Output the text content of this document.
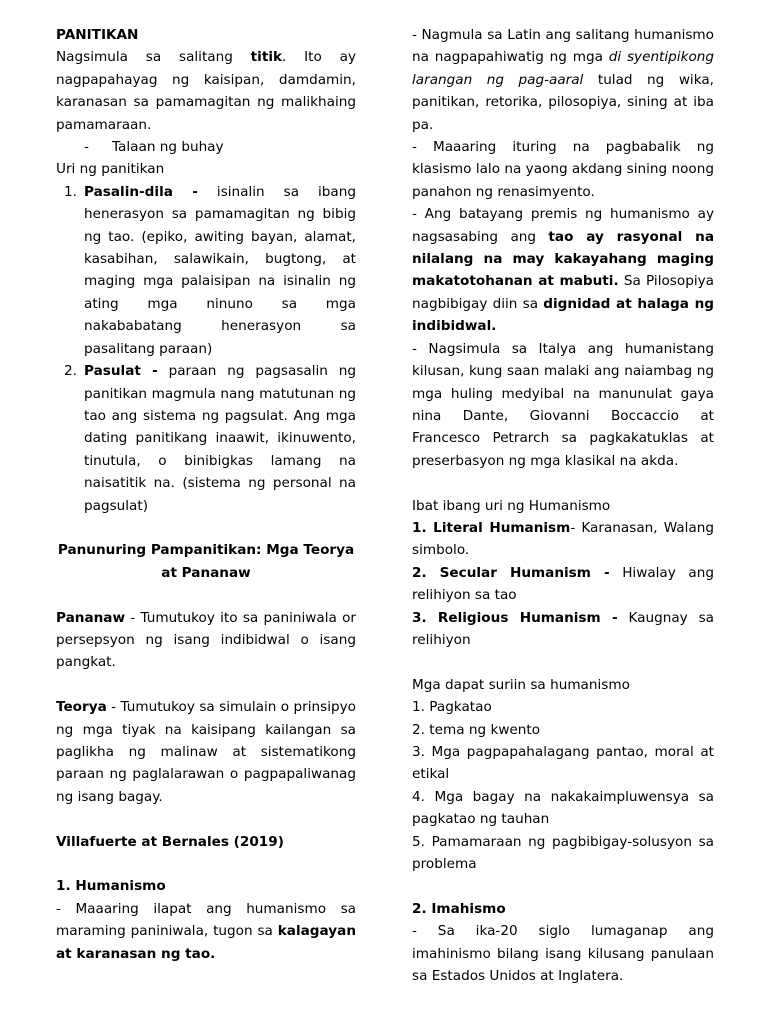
PANITIKAN

Nagsimula sa salitang titik. Ito ay nagpapahayag ng kaisipan, damdamin, karanasan sa pamamagitan ng malikhaing pamamaraan.

- Talaan ng buhay

Uri ng panitikan

1. Pasalin-dila - isinalin sa ibang henerasyon sa pamamagitan ng bibig ng tao. (epiko, awiting bayan, alamat, kasabihan, salawikain, bugtong, at maging mga palaisipan na isinalin ng ating mga ninuno sa mga nakababatang henerasyon sa pasalitang paraan)
2. Pasulat - paraan ng pagsasalin ng panitikan magmula nang matutunan ng tao ang sistema ng pagsulat. Ang mga dating panitikang inaawit, ikinuwento, tinutula, o binibigkas lamang na naisatitik na. (sistema ng personal na pagsulat)

Panunuring Pampanitikan: Mga Teorya at Pananaw

Pananaw - Tumutukoy ito sa paniniwala or persepsyon ng isang indibidwal o isang pangkat.

Teorya - Tumutukoy sa simulain o prinsipyo ng mga tiyak na kaisipang kailangan sa paglikha ng malinaw at sistematikong paraan ng paglalarawan o pagpapaliwanag ng isang bagay.

Villafuerte at Bernales (2019)

1. Humanismo

- Maaaring ilapat ang humanismo sa maraming paniniwala, tugon sa kalagayan at karanasan ng tao.

- Nagmula sa Latin ang salitang humanismo na nagpapahiwatig ng mga di syentipikong larangan ng pag-aaral tulad ng wika, panitikan, retorika, pilosopiya, sining at iba pa.

- Maaaring ituring na pagbabalik ng klasismo lalo na yaong akdang sining noong panahon ng renasimyento.

- Ang batayang premis ng humanismo ay nagsasabing ang tao ay rasyonal na nilalang na may kakayahang maging makatotohanan at mabuti. Sa Pilosopiya nagbibigay diin sa dignidad at halaga ng indibidwal.

- Nagsimula sa Italya ang humanistang kilusan, kung saan malaki ang naiambag ng mga huling medyibal na manunulat gaya nina Dante, Giovanni Boccaccio at Francesco Petrarch sa pagkakatuklas at preserbasyon ng mga klasikal na akda.

Ibat ibang uri ng Humanismo

1. Literal Humanism- Karanasan, Walang simbolo.

2. Secular Humanism - Hiwalay ang relihiyon sa tao

3. Religious Humanism - Kaugnay sa relihiyon

Mga dapat suriin sa humanismo

1. Pagkatao

2. tema ng kwento

3. Mga pagpapahalagang pantao, moral at etikal

4. Mga bagay na nakakaimpluwensya sa pagkatao ng tauhan

5. Pamamaraan ng pagbibigay-solusyon sa problema

2. Imahismo

- Sa ika-20 siglo lumaganap ang imahinismo bilang isang kilusang panulaan sa Estados Unidos at Inglatera.
